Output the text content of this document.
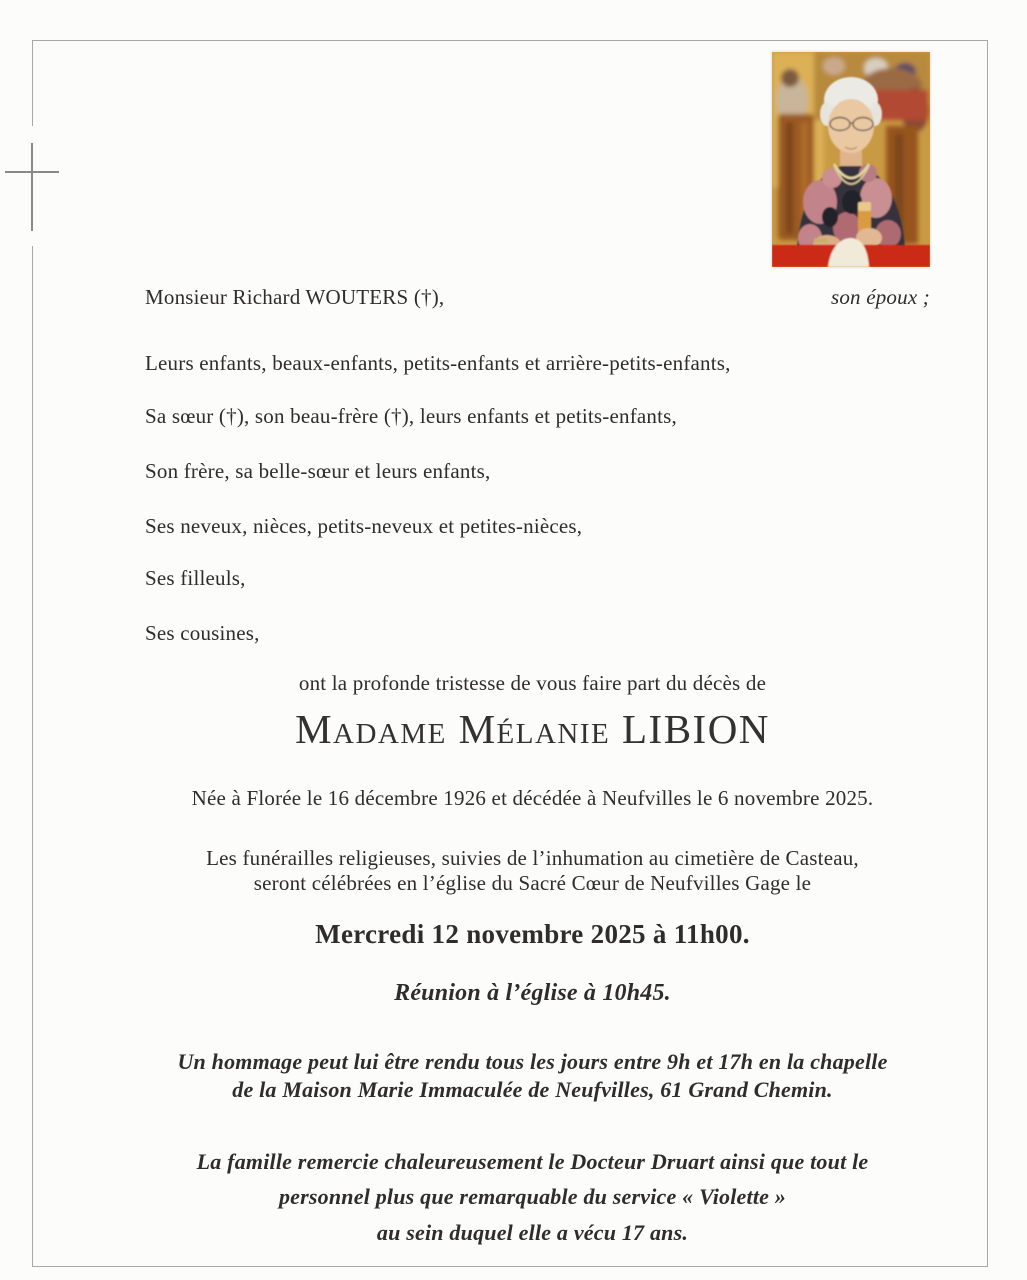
Monsieur Richard WOUTERS (†),	son époux ;
Leurs enfants, beaux-enfants, petits-enfants et arrière-petits-enfants,
Sa sœur (†), son beau-frère (†), leurs enfants et petits-enfants,
Son frère, sa belle-sœur et leurs enfants,
Ses neveux, nièces, petits-neveux et petites-nièces,
Ses filleuls,
Ses cousines,
ont la profonde tristesse de vous faire part du décès de
Madame Mélanie LIBION
Née à Florée le 16 décembre 1926 et décédée à Neufvilles le 6 novembre 2025.
Les funérailles religieuses, suivies de l’inhumation au cimetière de Casteau,
seront célébrées en l’église du Sacré Cœur de Neufvilles Gage le
Mercredi 12 novembre 2025 à 11h00.
Réunion à l’église à 10h45.
Un hommage peut lui être rendu tous les jours entre 9h et 17h en la chapelle
de la Maison Marie Immaculée de Neufvilles, 61 Grand Chemin.
La famille remercie chaleureusement le Docteur Druart ainsi que tout le
personnel plus que remarquable du service « Violette »
au sein duquel elle a vécu 17 ans.
